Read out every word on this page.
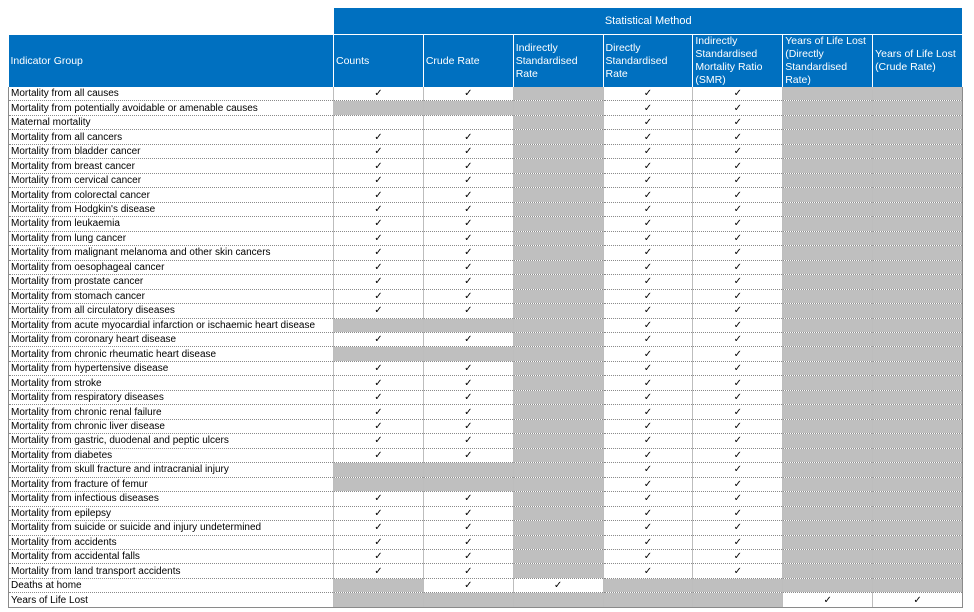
	Statistical Method						
Indicator Group	Counts	Crude Rate	Indirectly Standardised Rate	Directly Standardised Rate	Indirectly Standardised Mortality Ratio (SMR)	Years of Life Lost (Directly Standardised Rate)	Years of Life Lost (Crude Rate)
Mortality from all causes	✓	✓		✓	✓		
Mortality from potentially avoidable or amenable causes				✓	✓		
Maternal mortality				✓	✓		
Mortality from all cancers	✓	✓		✓	✓		
Mortality from bladder cancer	✓	✓		✓	✓		
Mortality from breast cancer	✓	✓		✓	✓		
Mortality from cervical cancer	✓	✓		✓	✓		
Mortality from colorectal cancer	✓	✓		✓	✓		
Mortality from Hodgkin's disease	✓	✓		✓	✓		
Mortality from leukaemia	✓	✓		✓	✓		
Mortality from lung cancer	✓	✓		✓	✓		
Mortality from malignant melanoma and other skin cancers	✓	✓		✓	✓		
Mortality from oesophageal cancer	✓	✓		✓	✓		
Mortality from prostate cancer	✓	✓		✓	✓		
Mortality from stomach cancer	✓	✓		✓	✓		
Mortality from all circulatory diseases	✓	✓		✓	✓		
Mortality from acute myocardial infarction or ischaemic heart disease				✓	✓		
Mortality from coronary heart disease	✓	✓		✓	✓		
Mortality from chronic rheumatic heart disease				✓	✓		
Mortality from hypertensive disease	✓	✓		✓	✓		
Mortality from stroke	✓	✓		✓	✓		
Mortality from respiratory diseases	✓	✓		✓	✓		
Mortality from chronic renal failure	✓	✓		✓	✓		
Mortality from chronic liver disease	✓	✓		✓	✓		
Mortality from gastric, duodenal and peptic ulcers	✓	✓		✓	✓		
Mortality from diabetes	✓	✓		✓	✓		
Mortality from skull fracture and intracranial injury				✓	✓		
Mortality from fracture of femur				✓	✓		
Mortality from infectious diseases	✓	✓		✓	✓		
Mortality from epilepsy	✓	✓		✓	✓		
Mortality from suicide or suicide and injury undetermined	✓	✓		✓	✓		
Mortality from accidents	✓	✓		✓	✓		
Mortality from accidental falls	✓	✓		✓	✓		
Mortality from land transport accidents	✓	✓		✓	✓		
Deaths at home		✓	✓				
Years of Life Lost						✓	✓
